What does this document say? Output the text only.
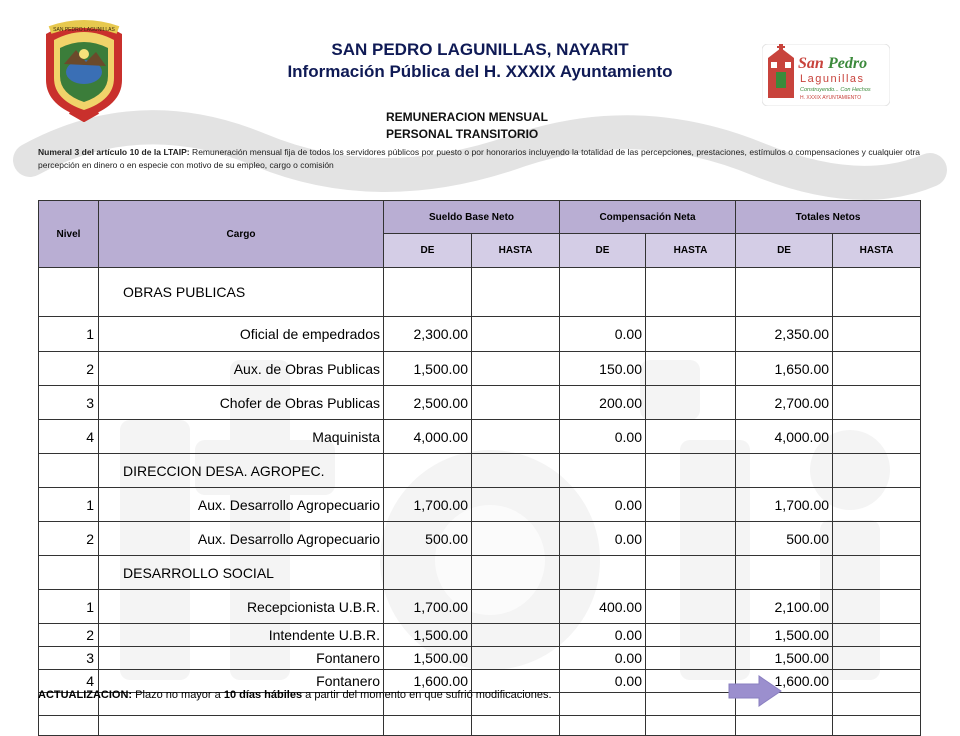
SAN PEDRO LAGUNILLAS
San Pedro
Lagunillas
Construyendo... Con Hechos
H. XXXIX AYUNTAMIENTO
SAN PEDRO LAGUNILLAS, NAYARIT
Información Pública del H. XXXIX Ayuntamiento
REMUNERACION MENSUAL
PERSONAL TRANSITORIO
Numeral 3 del artículo 10 de la LTAIP: Remuneración mensual fija de todos los servidores públicos por puesto o por honorarios incluyendo la totalidad de las percepciones, prestaciones, estímulos o compensaciones y cualquier otra percepción en dinero o en especie con motivo de su empleo, cargo o comisión
Nivel	Cargo	Sueldo Base Neto		Compensación Neta		Totales Netos	
		DE	HASTA	DE	HASTA	DE	HASTA
	OBRAS PUBLICAS						
1	Oficial de empedrados	2,300.00		0.00		2,350.00	
2	Aux. de Obras Publicas	1,500.00		150.00		1,650.00	
3	Chofer de Obras Publicas	2,500.00		200.00		2,700.00	
4	Maquinista	4,000.00		0.00		4,000.00	
	DIRECCION DESA. AGROPEC.						
1	Aux. Desarrollo Agropecuario	1,700.00		0.00		1,700.00	
2	Aux. Desarrollo Agropecuario	500.00		0.00		500.00	
	DESARROLLO SOCIAL						
1	Recepcionista U.B.R.	1,700.00		400.00		2,100.00	
2	Intendente U.B.R.	1,500.00		0.00		1,500.00	
3	Fontanero	1,500.00		0.00		1,500.00	
4	Fontanero	1,600.00		0.00		1,600.00	

ACTUALIZACION: Plazo no mayor a 10 días hábiles a partir del momento en que sufrió modificaciones.
